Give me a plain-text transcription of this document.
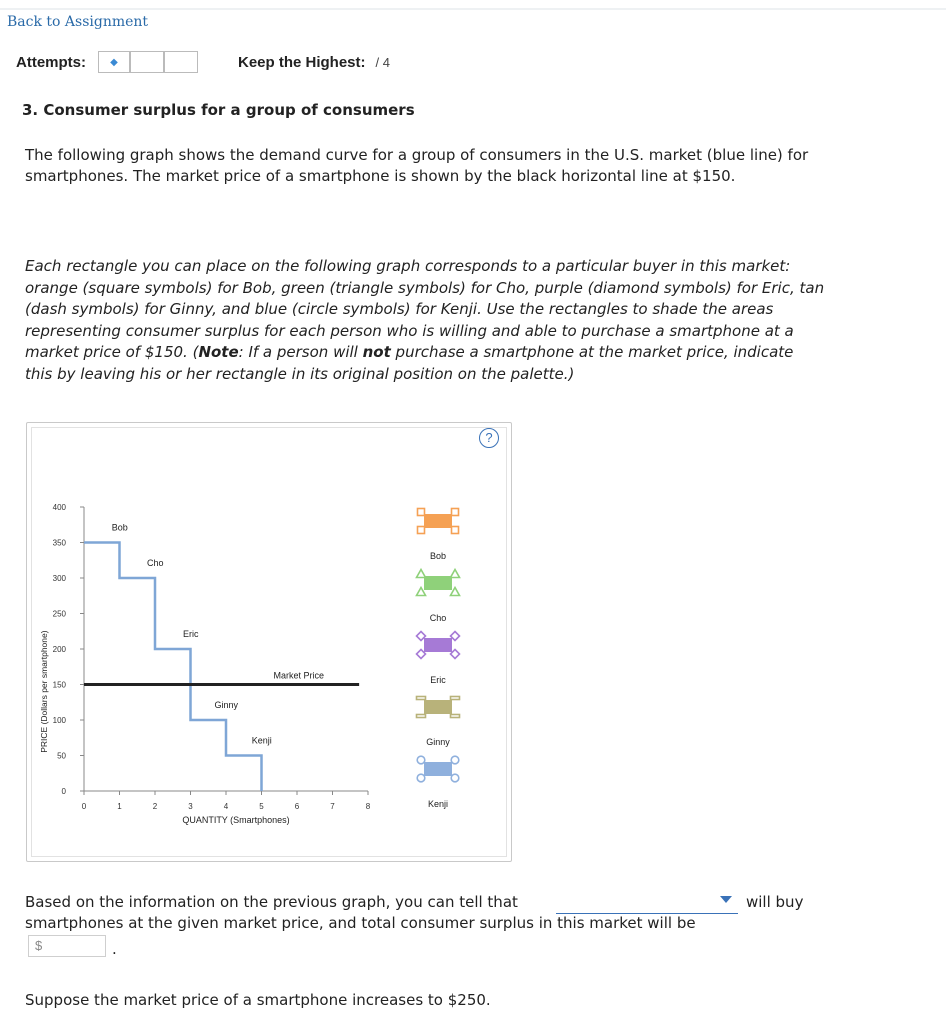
Back to Assignment
Attempts:	◆	Keep the Highest: / 4
3. Consumer surplus for a group of consumers
The following graph shows the demand curve for a group of consumers in the U.S. market (blue line) for smartphones. The market price of a smartphone is shown by the black horizontal line at $150.
Each rectangle you can place on the following graph corresponds to a particular buyer in this market: orange (square symbols) for Bob, green (triangle symbols) for Cho, purple (diamond symbols) for Eric, tan (dash symbols) for Ginny, and blue (circle symbols) for Kenji. Use the rectangles to shade the areas representing consumer surplus for each person who is willing and able to purchase a smartphone at a market price of $150. (Note: If a person will not purchase a smartphone at the market price, indicate this by leaving his or her rectangle in its original position on the palette.)
?
0
50
100
150
200
250
300
350
400
0	1	2	3	4	5	6	7	8
QUANTITY (Smartphones)
PRICE (Dollars per smartphone)	Market Price
Bob
Cho
Eric
Ginny
Kenji
Bob
Cho
Eric
Ginny
Kenji
Based on the information on the previous graph, you can tell that	will buy
smartphones at the given market price, and total consumer surplus in this market will be
$	.
Suppose the market price of a smartphone increases to $250.
